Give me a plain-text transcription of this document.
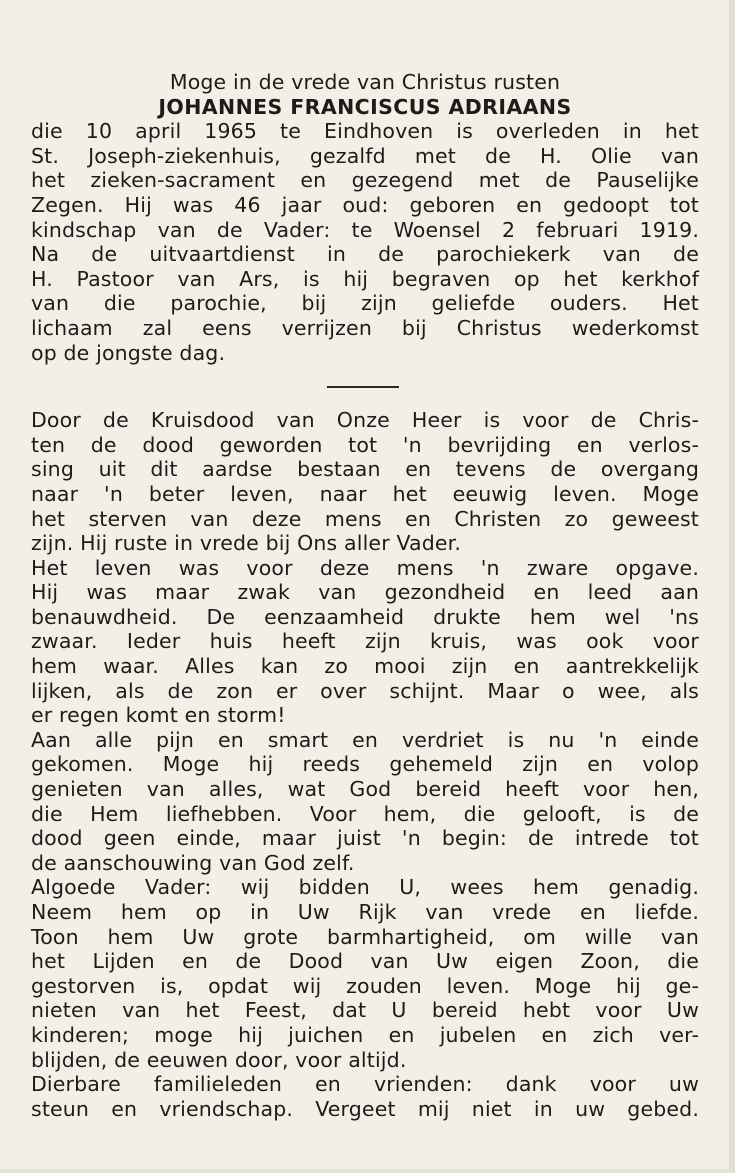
Moge in de vrede van Christus rusten
JOHANNES FRANCISCUS ADRIAANS
die 10 april 1965 te Eindhoven is overleden in het
St. Joseph-ziekenhuis, gezalfd met de H. Olie van
het zieken-sacrament en gezegend met de Pauselijke
Zegen. Hij was 46 jaar oud: geboren en gedoopt tot
kindschap van de Vader: te Woensel 2 februari 1919.
Na de uitvaartdienst in de parochiekerk van de
H. Pastoor van Ars, is hij begraven op het kerkhof
van die parochie, bij zijn geliefde ouders. Het
lichaam zal eens verrijzen bij Christus wederkomst
op de jongste dag.
Door de Kruisdood van Onze Heer is voor de Chris-
ten de dood geworden tot 'n bevrijding en verlos-
sing uit dit aardse bestaan en tevens de overgang
naar 'n beter leven, naar het eeuwig leven. Moge
het sterven van deze mens en Christen zo geweest
zijn. Hij ruste in vrede bij Ons aller Vader.
Het leven was voor deze mens 'n zware opgave.
Hij was maar zwak van gezondheid en leed aan
benauwdheid. De eenzaamheid drukte hem wel 'ns
zwaar. Ieder huis heeft zijn kruis, was ook voor
hem waar. Alles kan zo mooi zijn en aantrekkelijk
lijken, als de zon er over schijnt. Maar o wee, als
er regen komt en storm!
Aan alle pijn en smart en verdriet is nu 'n einde
gekomen. Moge hij reeds gehemeld zijn en volop
genieten van alles, wat God bereid heeft voor hen,
die Hem liefhebben. Voor hem, die gelooft, is de
dood geen einde, maar juist 'n begin: de intrede tot
de aanschouwing van God zelf.
Algoede Vader: wij bidden U, wees hem genadig.
Neem hem op in Uw Rijk van vrede en liefde.
Toon hem Uw grote barmhartigheid, om wille van
het Lijden en de Dood van Uw eigen Zoon, die
gestorven is, opdat wij zouden leven. Moge hij ge-
nieten van het Feest, dat U bereid hebt voor Uw
kinderen; moge hij juichen en jubelen en zich ver-
blijden, de eeuwen door, voor altijd.
Dierbare familieleden en vrienden: dank voor uw
steun en vriendschap. Vergeet mij niet in uw gebed.
